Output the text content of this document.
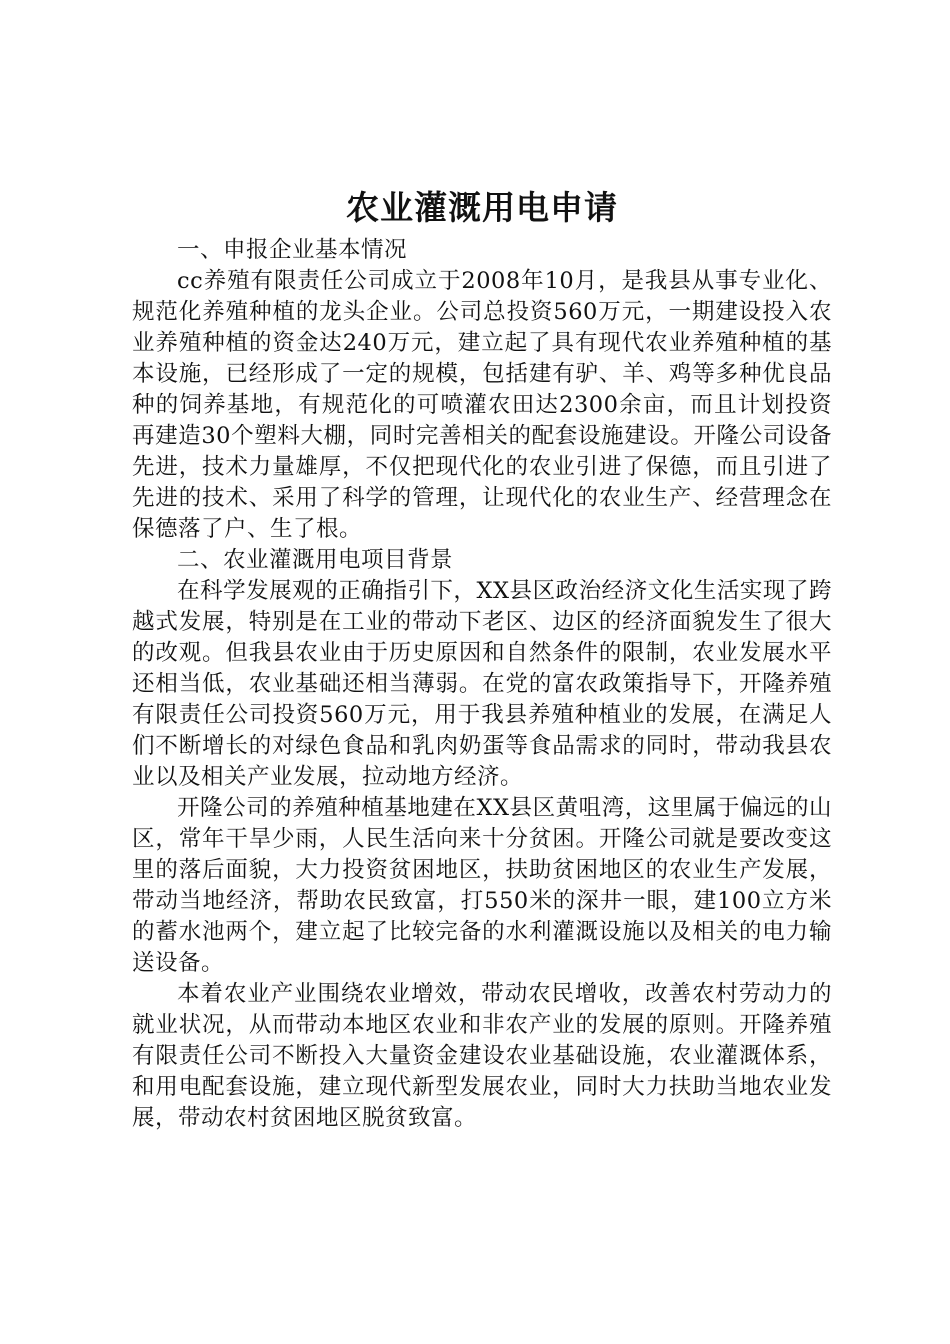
农业灌溉用电申请

一、申报企业基本情况

cc养殖有限责任公司成立于2008年10月，是我县从事专业化、规范化养殖种植的龙头企业。公司总投资560万元，一期建设投入农业养殖种植的资金达240万元，建立起了具有现代农业养殖种植的基本设施，已经形成了一定的规模，包括建有驴、羊、鸡等多种优良品种的饲养基地，有规范化的可喷灌农田达2300余亩，而且计划投资再建造30个塑料大棚，同时完善相关的配套设施建设。开隆公司设备先进，技术力量雄厚，不仅把现代化的农业引进了保德，而且引进了先进的技术、采用了科学的管理，让现代化的农业生产、经营理念在保德落了户、生了根。

二、农业灌溉用电项目背景

在科学发展观的正确指引下，XX县区政治经济文化生活实现了跨越式发展，特别是在工业的带动下老区、边区的经济面貌发生了很大的改观。但我县农业由于历史原因和自然条件的限制，农业发展水平还相当低，农业基础还相当薄弱。在党的富农政策指导下，开隆养殖有限责任公司投资560万元，用于我县养殖种植业的发展，在满足人们不断增长的对绿色食品和乳肉奶蛋等食品需求的同时，带动我县农业以及相关产业发展，拉动地方经济。

开隆公司的养殖种植基地建在XX县区黄咀湾，这里属于偏远的山区，常年干旱少雨，人民生活向来十分贫困。开隆公司就是要改变这里的落后面貌，大力投资贫困地区，扶助贫困地区的农业生产发展，带动当地经济，帮助农民致富，打550米的深井一眼，建100立方米的蓄水池两个，建立起了比较完备的水利灌溉设施以及相关的电力输送设备。

本着农业产业围绕农业增效，带动农民增收，改善农村劳动力的就业状况，从而带动本地区农业和非农产业的发展的原则。开隆养殖有限责任公司不断投入大量资金建设农业基础设施，农业灌溉体系，和用电配套设施，建立现代新型发展农业，同时大力扶助当地农业发展，带动农村贫困地区脱贫致富。
